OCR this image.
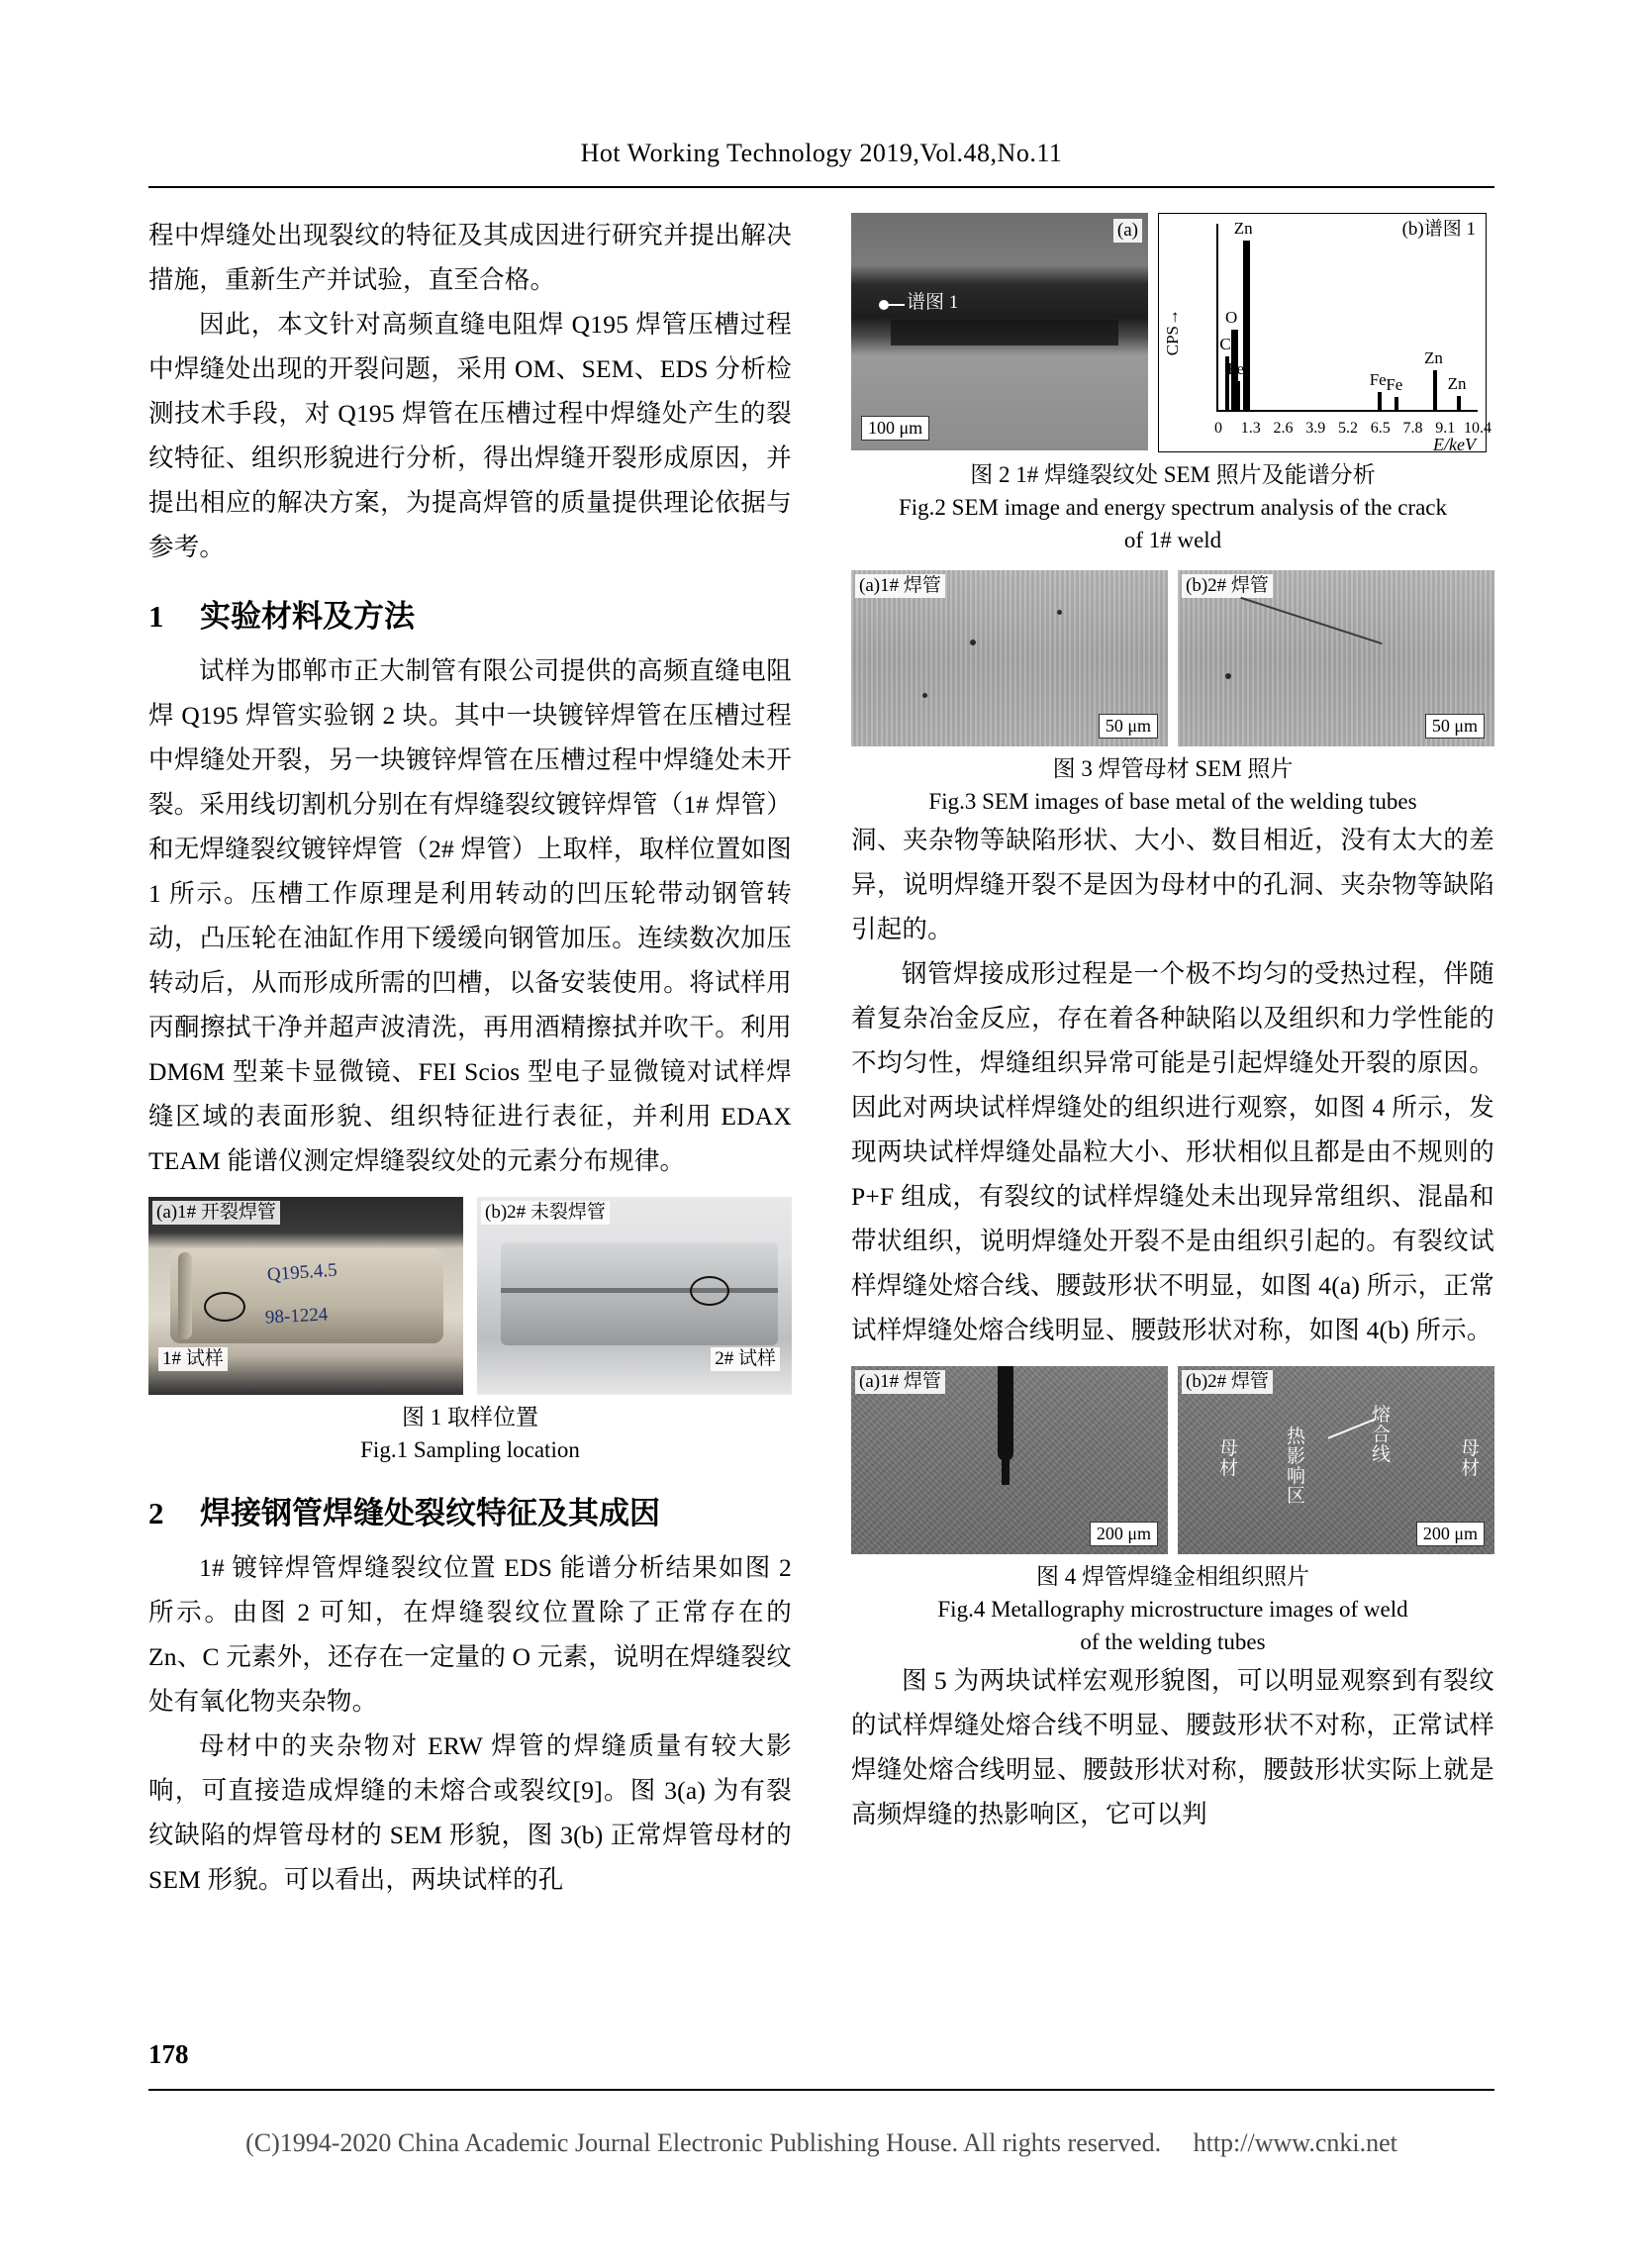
Hot Working Technology 2019,Vol.48,No.11

程中焊缝处出现裂纹的特征及其成因进行研究并提出解决措施，重新生产并试验，直至合格。

因此，本文针对高频直缝电阻焊 Q195 焊管压槽过程中焊缝处出现的开裂问题，采用 OM、SEM、EDS 分析检测技术手段，对 Q195 焊管在压槽过程中焊缝处产生的裂纹特征、组织形貌进行分析，得出焊缝开裂形成原因，并提出相应的解决方案，为提高焊管的质量提供理论依据与参考。

1 实验材料及方法

试样为邯郸市正大制管有限公司提供的高频直缝电阻焊 Q195 焊管实验钢 2 块。其中一块镀锌焊管在压槽过程中焊缝处开裂，另一块镀锌焊管在压槽过程中焊缝处未开裂。采用线切割机分别在有焊缝裂纹镀锌焊管（1# 焊管）和无焊缝裂纹镀锌焊管（2# 焊管）上取样，取样位置如图 1 所示。压槽工作原理是利用转动的凹压轮带动钢管转动，凸压轮在油缸作用下缓缓向钢管加压。连续数次加压转动后，从而形成所需的凹槽，以备安装使用。将试样用丙酮擦拭干净并超声波清洗，再用酒精擦拭并吹干。利用 DM6M 型莱卡显微镜、FEI Scios 型电子显微镜对试样焊缝区域的表面形貌、组织特征进行表征，并利用 EDAX TEAM 能谱仪测定焊缝裂纹处的元素分布规律。

(a)1# 开裂焊管
Q195.4.5
98-1224
1# 试样
(b)2# 未裂焊管
2# 试样
图 1 取样位置
Fig.1 Sampling location
2 焊接钢管焊缝处裂纹特征及其成因

1# 镀锌焊管焊缝裂纹位置 EDS 能谱分析结果如图 2 所示。由图 2 可知，在焊缝裂纹位置除了正常存在的 Zn、C 元素外，还存在一定量的 O 元素，说明在焊缝裂纹处有氧化物夹杂物。

母材中的夹杂物对 ERW 焊管的焊缝质量有较大影响，可直接造成焊缝的未熔合或裂纹[9]。图 3(a) 为有裂纹缺陷的焊管母材的 SEM 形貌，图 3(b) 正常焊管母材的 SEM 形貌。可以看出，两块试样的孔

(a)
谱图 1
100 μm
(b)谱图 1
CPS→
Zn
O
C
Fe
Fe Fe
Zn
Zn
0 1.3 2.6 3.9 5.2 6.5 7.8 9.1 10.4
E/keV
图 2 1# 焊缝裂纹处 SEM 照片及能谱分析
Fig.2 SEM image and energy spectrum analysis of the crack
of 1# weld
(a)1# 焊管
50 μm
(b)2# 焊管
50 μm
图 3 焊管母材 SEM 照片
Fig.3 SEM images of base metal of the welding tubes

洞、夹杂物等缺陷形状、大小、数目相近，没有太大的差异，说明焊缝开裂不是因为母材中的孔洞、夹杂物等缺陷引起的。

钢管焊接成形过程是一个极不均匀的受热过程，伴随着复杂冶金反应，存在着各种缺陷以及组织和力学性能的不均匀性，焊缝组织异常可能是引起焊缝处开裂的原因。因此对两块试样焊缝处的组织进行观察，如图 4 所示，发现两块试样焊缝处晶粒大小、形状相似且都是由不规则的 P+F 组成，有裂纹的试样焊缝处未出现异常组织、混晶和带状组织，说明焊缝处开裂不是由组织引起的。有裂纹试样焊缝处熔合线、腰鼓形状不明显，如图 4(a) 所示，正常试样焊缝处熔合线明显、腰鼓形状对称，如图 4(b) 所示。

(a)1# 焊管
200 μm
(b)2# 焊管
母材
热影响区
熔合线	母材
200 μm
图 4 焊管焊缝金相组织照片
Fig.4 Metallography microstructure images of weld
of the welding tubes

图 5 为两块试样宏观形貌图，可以明显观察到有裂纹的试样焊缝处熔合线不明显、腰鼓形状不对称，正常试样焊缝处熔合线明显、腰鼓形状对称，腰鼓形状实际上就是高频焊缝的热影响区，它可以判

178
(C)1994-2020 China Academic Journal Electronic Publishing House. All rights reserved. http://www.cnki.net
